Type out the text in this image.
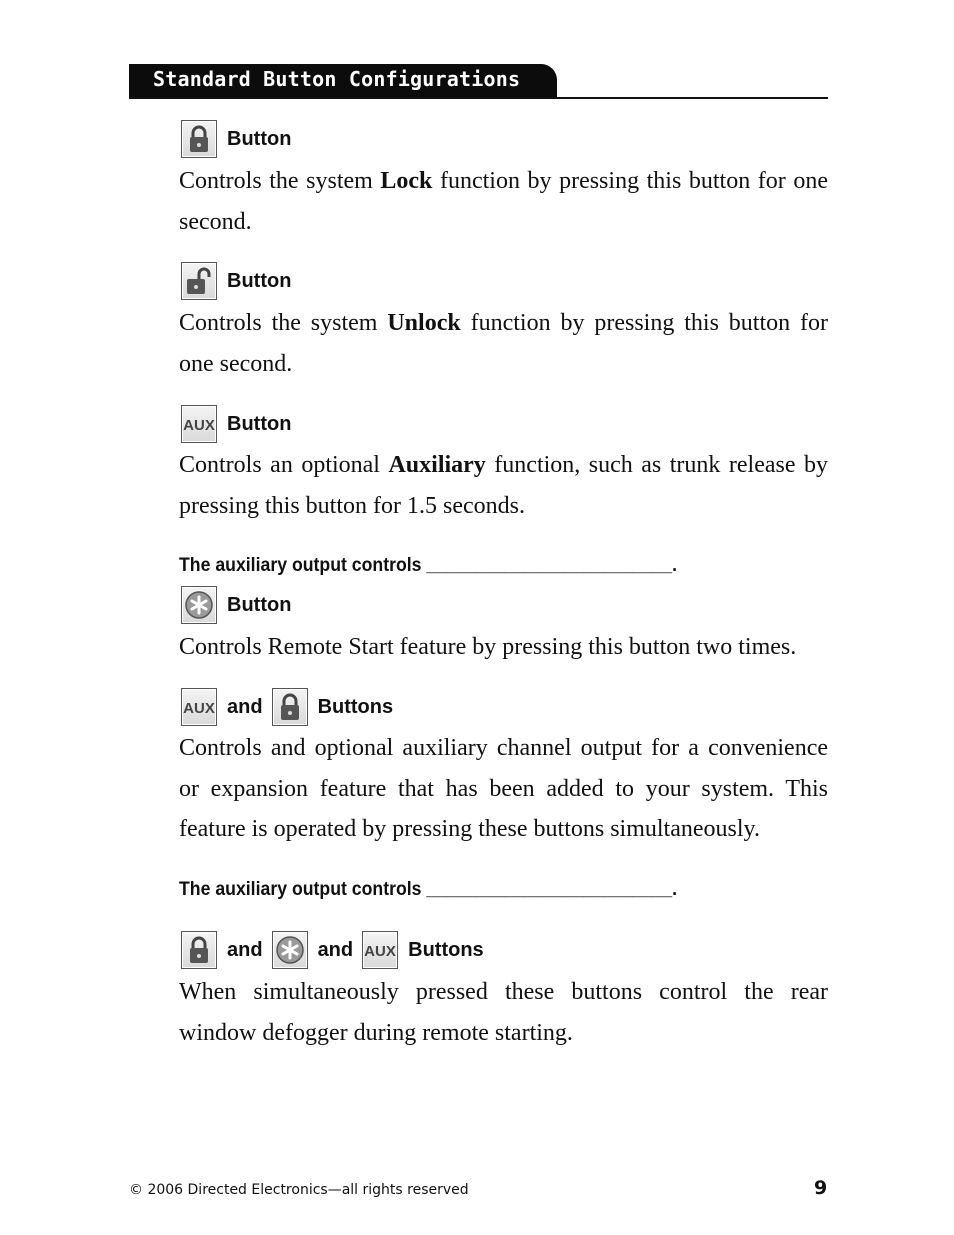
Standard Button Configurations
Button

Controls the system Lock function by pressing this button for one second.

Button

Controls the system Unlock function by pressing this button for one second.

AUX Button

Controls an optional Auxiliary function, such as trunk release by pressing this button for 1.5 seconds.

The auxiliary output controls _________________________.
Button

Controls Remote Start feature by pressing this button two times.

AUX and	Buttons

Controls and optional auxiliary channel output for a convenience or expansion feature that has been added to your system. This feature is operated by pressing these buttons simultaneously.

The auxiliary output controls _________________________.
and	and AUX Buttons

When simultaneously pressed these buttons control the rear window defogger during remote starting.

© 2006 Directed Electronics—all rights reserved	9
